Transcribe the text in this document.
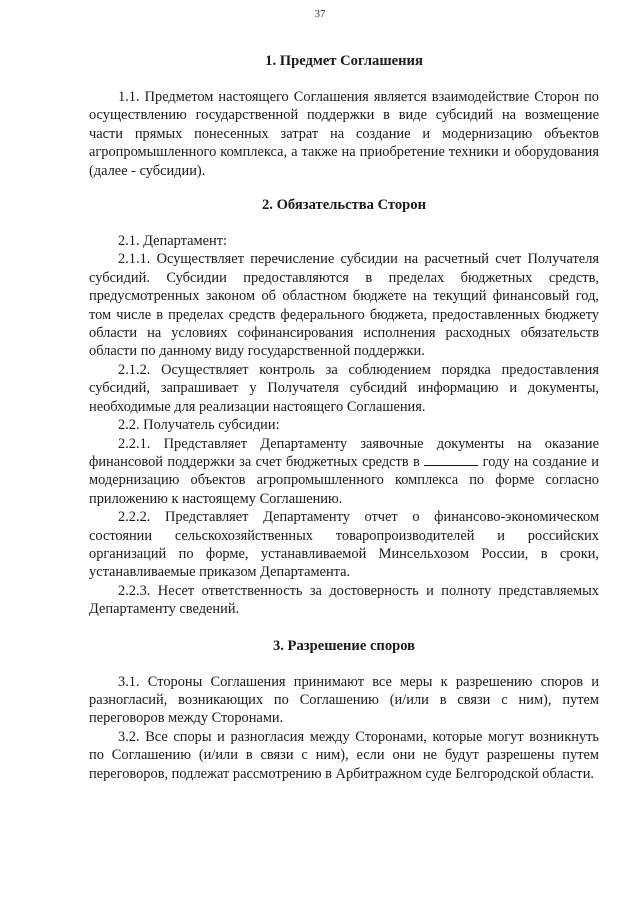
37
1. Предмет Соглашения

1.1. Предметом настоящего Соглашения является взаимодействие Сторон по осуществлению государственной поддержки в виде субсидий на возмещение части прямых понесенных затрат на создание и модернизацию объектов агропромышленного комплекса, а также на приобретение техники и оборудования (далее - субсидии).

2. Обязательства Сторон

2.1. Департамент:

2.1.1. Осуществляет перечисление субсидии на расчетный счет Получателя субсидий. Субсидии предоставляются в пределах бюджетных средств, предусмотренных законом об областном бюджете на текущий финансовый год, том числе в пределах средств федерального бюджета, предоставленных бюджету области на условиях софинансирования исполнения расходных обязательств области по данному виду государственной поддержки.

2.1.2. Осуществляет контроль за соблюдением порядка предоставления субсидий, запрашивает у Получателя субсидий информацию и документы, необходимые для реализации настоящего Соглашения.

2.2. Получатель субсидии:

2.2.1. Представляет Департаменту заявочные документы на оказание финансовой поддержки за счет бюджетных средств в	году на создание и модернизацию объектов агропромышленного комплекса по форме согласно приложению к настоящему Соглашению.

2.2.2. Представляет Департаменту отчет о финансово-экономическом состоянии сельскохозяйственных товаропроизводителей и российских организаций по форме, устанавливаемой Минсельхозом России, в сроки, устанавливаемые приказом Департамента.

2.2.3. Несет ответственность за достоверность и полноту представляемых Департаменту сведений.

3. Разрешение споров

3.1. Стороны Соглашения принимают все меры к разрешению споров и разногласий, возникающих по Соглашению (и/или в связи с ним), путем переговоров между Сторонами.

3.2. Все споры и разногласия между Сторонами, которые могут возникнуть по Соглашению (и/или в связи с ним), если они не будут разрешены путем переговоров, подлежат рассмотрению в Арбитражном суде Белгородской области.
